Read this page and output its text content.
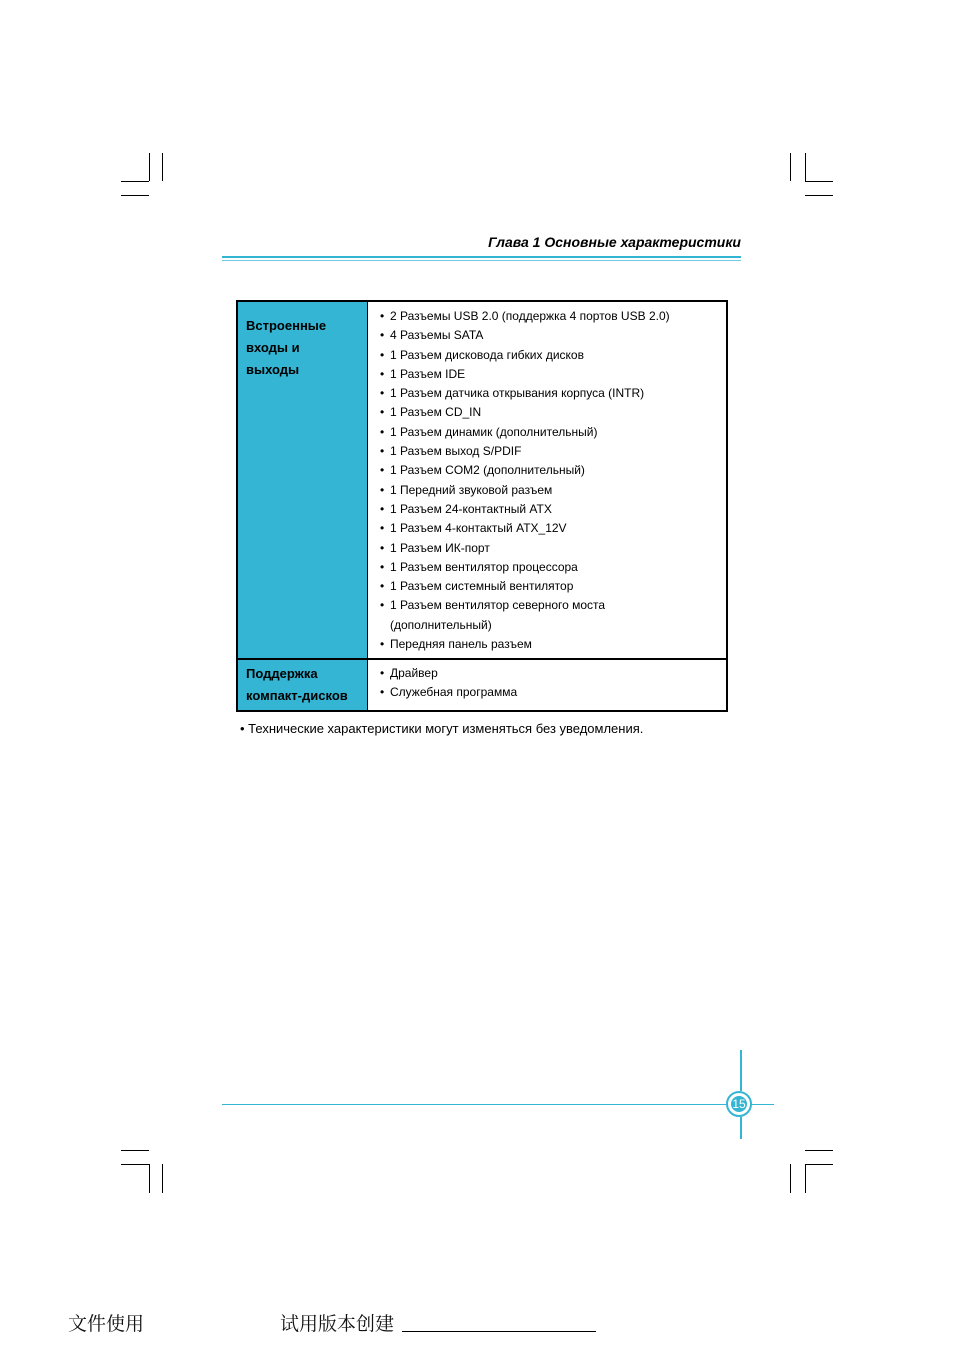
Глава 1 Основные характеристики
Встроенные
входы и
выходы
• 2 Разъемы USB 2.0 (поддержка 4 портов USB 2.0)
• 4 Разъемы SATA
• 1 Разъем дисковода гибких дисков
• 1 Разъем IDE
• 1 Разъем датчика открывания корпуса (INTR)
• 1 Разъем CD_IN
• 1 Разъем динамик (дополнительный)
• 1 Разъем выход S/PDIF
• 1 Разъем COM2 (дополнительный)
• 1 Передний звуковой разъем
• 1 Разъем 24-контактный ATX
• 1 Разъем 4-контактый ATX_12V
• 1 Разъем ИК-порт
• 1 Разъем вентилятор процессора
• 1 Разъем системный вентилятор
• 1 Разъем вентилятор северного моста
(дополнительный)
• Передняя панель разъем
Поддержка
компакт-дисков
• Драйвер
• Служебная программа
• Технические характеристики могут изменяться без уведомления.
15
文件使用	试用版本创建
